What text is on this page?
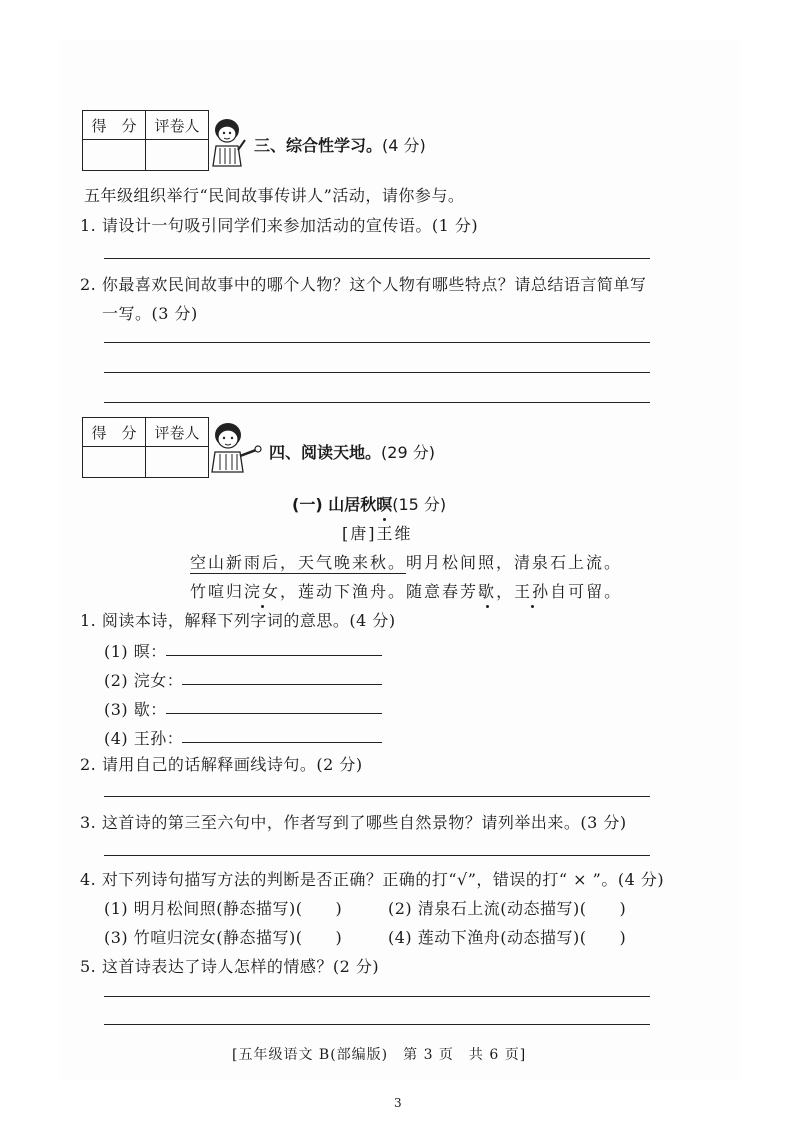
得　分	评卷人

三、综合性学习。(4 分)
五年级组织举行“民间故事传讲人”活动，请你参与。
1. 请设计一句吸引同学们来参加活动的宣传语。(1 分)
2. 你最喜欢民间故事中的哪个人物？这个人物有哪些特点？请总结语言简单写
一写。(3 分)
得　分	评卷人

四、阅读天地。(29 分)
(一) 山居秋暝(15 分)
[唐]王维
空山新雨后，天气晚来秋。明月松间照，清泉石上流。
竹喧归浣女，莲动下渔舟。随意春芳歇，王孙自可留。
1. 阅读本诗，解释下列字词的意思。(4 分)
(1) 暝：
(2) 浣女：
(3) 歇：
(4) 王孙：
2. 请用自己的话解释画线诗句。(2 分)
3. 这首诗的第三至六句中，作者写到了哪些自然景物？请列举出来。(3 分)
4. 对下列诗句描写方法的判断是否正确？正确的打“√”，错误的打“ × ”。(4 分)
(1) 明月松间照(静态描写)(　　)	(2) 清泉石上流(动态描写)(　　)
(3) 竹喧归浣女(静态描写)(　　)	(4) 莲动下渔舟(动态描写)(　　)
5. 这首诗表达了诗人怎样的情感？(2 分)
[五年级语文 B(部编版)　第 3 页　共 6 页]
3
